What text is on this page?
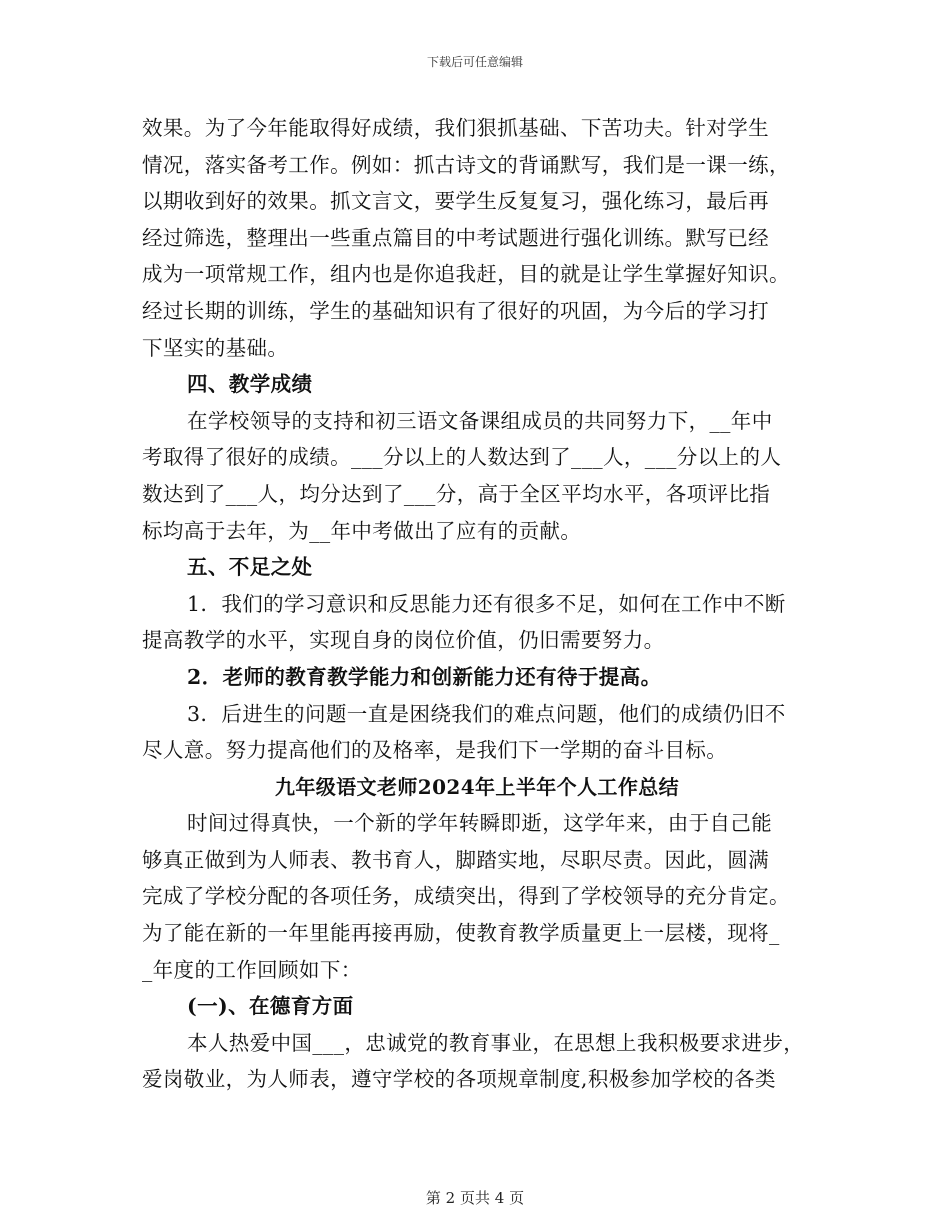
下载后可任意编辑
效果。为了今年能取得好成绩，我们狠抓基础、下苦功夫。针对学生
情况，落实备考工作。例如：抓古诗文的背诵默写，我们是一课一练，
以期收到好的效果。抓文言文，要学生反复复习，强化练习，最后再
经过筛选，整理出一些重点篇目的中考试题进行强化训练。默写已经
成为一项常规工作，组内也是你追我赶，目的就是让学生掌握好知识。
经过长期的训练，学生的基础知识有了很好的巩固，为今后的学习打
下坚实的基础。
四、教学成绩
在学校领导的支持和初三语文备课组成员的共同努力下，__年中
考取得了很好的成绩。___分以上的人数达到了___人，___分以上的人
数达到了___人，均分达到了___分，高于全区平均水平，各项评比指
标均高于去年，为__年中考做出了应有的贡献。
五、不足之处
1．我们的学习意识和反思能力还有很多不足，如何在工作中不断
提高教学的水平，实现自身的岗位价值，仍旧需要努力。
2．老师的教育教学能力和创新能力还有待于提高。
3．后进生的问题一直是困绕我们的难点问题，他们的成绩仍旧不
尽人意。努力提高他们的及格率，是我们下一学期的奋斗目标。
九年级语文老师2024年上半年个人工作总结
时间过得真快，一个新的学年转瞬即逝，这学年来，由于自己能
够真正做到为人师表、教书育人，脚踏实地，尽职尽责。因此，圆满
完成了学校分配的各项任务，成绩突出，得到了学校领导的充分肯定。
为了能在新的一年里能再接再励，使教育教学质量更上一层楼，现将_
_年度的工作回顾如下：
(一)、在德育方面
本人热爱中国___，忠诚党的教育事业，在思想上我积极要求进步，
爱岗敬业，为人师表，遵守学校的各项规章制度,积极参加学校的各类
第 2 页共 4 页
